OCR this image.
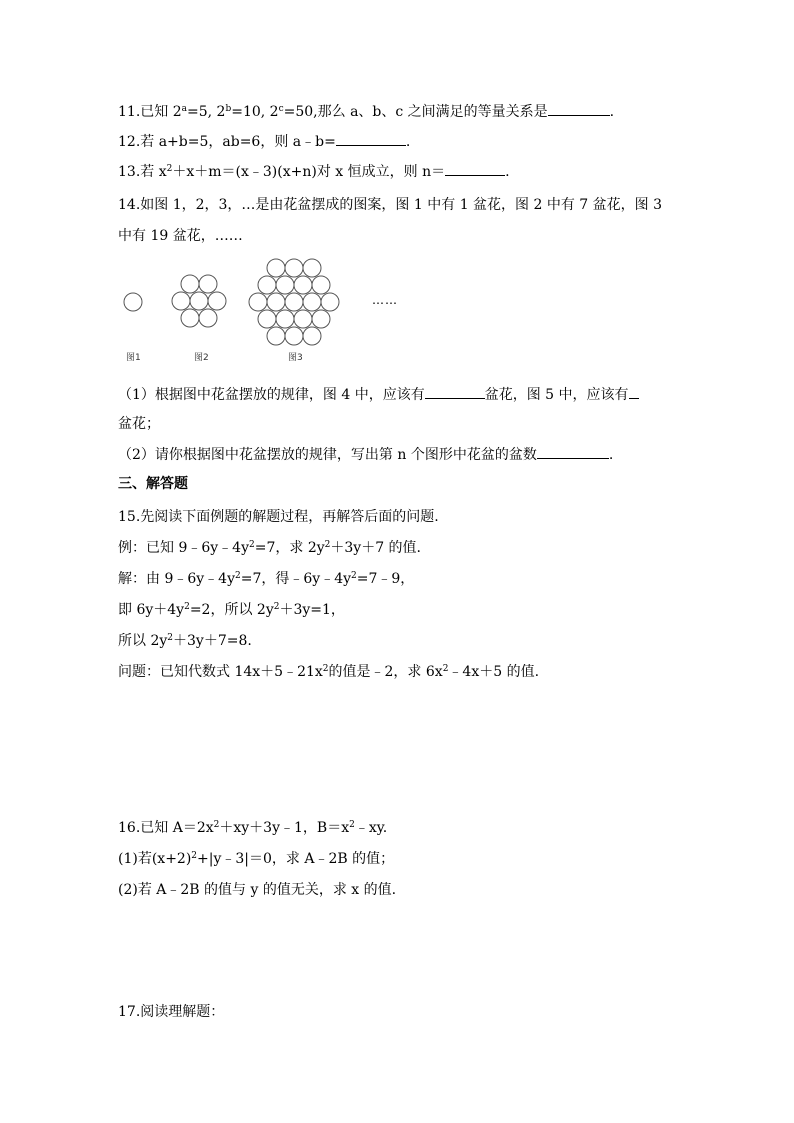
11.已知 $2^a=5$, $2^b=10$, $2^c=50$,那么 a、b、c 之间满足的等量关系是	.
12.若 a+b=5，ab=6，则 a﹣b=	.
13.若 $x^2+x+m=(x﹣3)(x+n)$对 x 恒成立，则 n＝	.
14.如图 1，2，3，…是由花盆摆成的图案，图 1 中有 1 盆花，图 2 中有 7 盆花，图 3
中有 19 盆花，……
……
图1	图2	图3
（1）根据图中花盆摆放的规律，图 4 中，应该有	盆花，图 5 中，应该有
盆花；
（2）请你根据图中花盆摆放的规律，写出第 n 个图形中花盆的盆数	.
三、解答题
15.先阅读下面例题的解题过程，再解答后面的问题.
例：已知 $9﹣6y﹣4y^2=7$，求 $2y^2+3y+7$ 的值.
解：由 $9﹣6y﹣4y^2=7$，得$﹣6y﹣4y^2=7﹣9$，
即 $6y+4y^2=2$，所以 $2y^2+3y=1$，
所以 $2y^2+3y+7=8$.
问题：已知代数式 $14x+5﹣21x^2$的值是﹣2，求 $6x^2﹣4x+5$ 的值.
16.已知 $A=2x^2+xy+3y﹣1$，$B=x^2﹣xy$.
(1)若$(x+2)^2+|y﹣3|=0$，求 A﹣2B 的值；
(2)若 A﹣2B 的值与 y 的值无关，求 x 的值.
17.阅读理解题：
